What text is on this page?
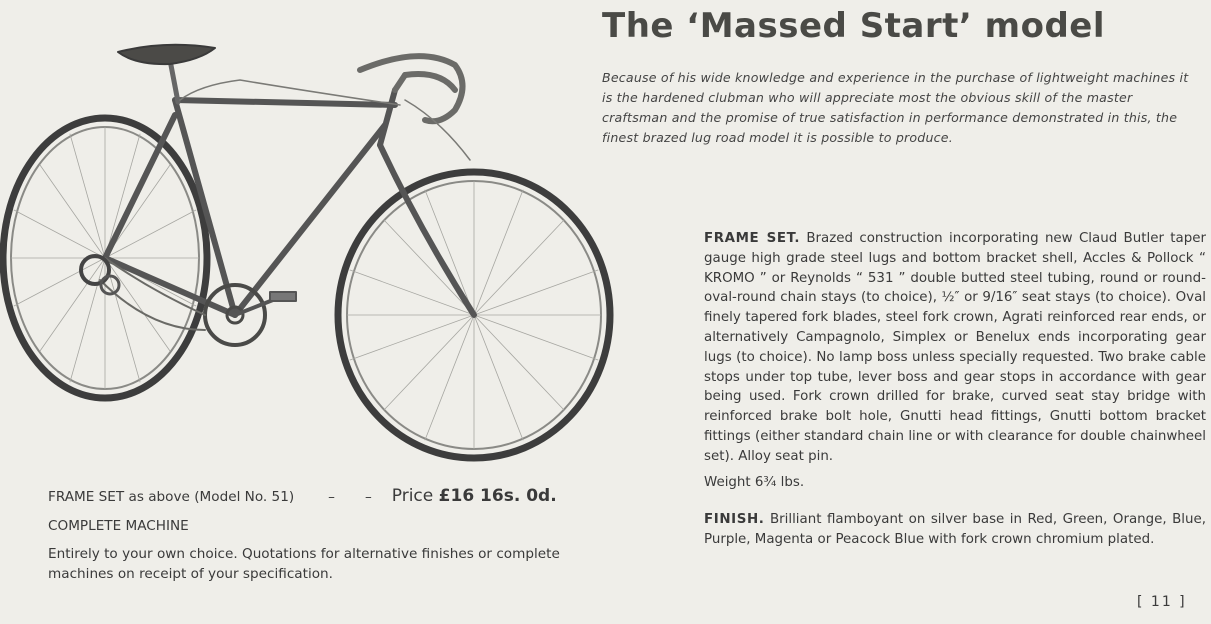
The ‘Massed Start’ model
Because of his wide knowledge and experience in the purchase of lightweight machines it is the hardened clubman who will appreciate most the obvious skill of the master craftsman and the promise of true satisfaction in performance demonstrated in this, the finest brazed lug road model it is possible to produce.

FRAME SET. Brazed construction incorporating new Claud Butler taper gauge high grade steel lugs and bottom bracket shell, Accles & Pollock “ KROMO ” or Reynolds “ 531 ” double butted steel tubing, round or round-oval-round chain stays (to choice), ½″ or 9/16″ seat stays (to choice). Oval finely tapered fork blades, steel fork crown, Agrati reinforced rear ends, or alternatively Campagnolo, Simplex or Benelux ends incorporating gear lugs (to choice). No lamp boss unless specially requested. Two brake cable stops under top tube, lever boss and gear stops in accordance with gear being used. Fork crown drilled for brake, curved seat stay bridge with reinforced brake bolt hole, Gnutti head fittings, Gnutti bottom bracket fittings (either standard chain line or with clearance for double chainwheel set). Alloy seat pin.

Weight 6¾ lbs.

FINISH. Brilliant flamboyant on silver base in Red, Green, Orange, Blue, Purple, Magenta or Peacock Blue with fork crown chromium plated.

FRAME SET as above (Model No. 51)	– – Price £16 16s. 0d.
COMPLETE MACHINE
Entirely to your own choice. Quotations for alternative finishes or complete machines on receipt of your specification.
[ 11 ]
